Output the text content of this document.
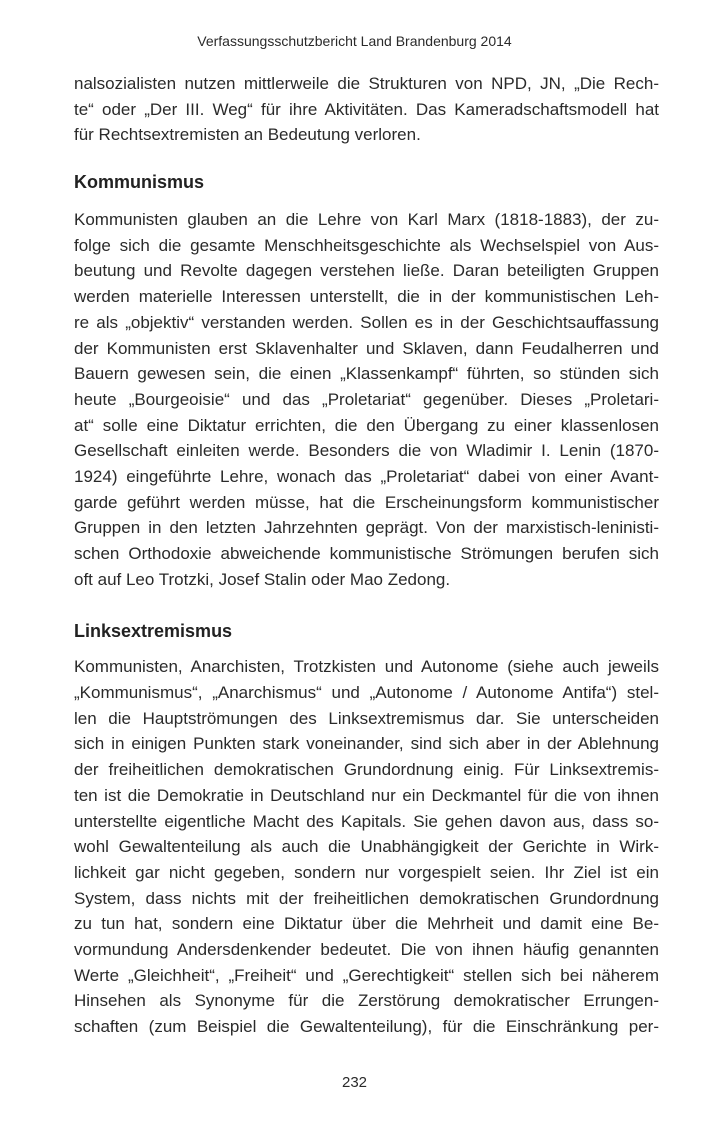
Verfassungsschutzbericht Land Brandenburg 2014
nalsozialisten nutzen mittlerweile die Strukturen von NPD, JN, „Die Rech-
te“ oder „Der III. Weg“ für ihre Aktivitäten. Das Kameradschaftsmodell hat
für Rechtsextremisten an Bedeutung verloren.
Kommunismus
Kommunisten glauben an die Lehre von Karl Marx (1818-1883), der zu-
folge sich die gesamte Menschheitsgeschichte als Wechselspiel von Aus-
beutung und Revolte dagegen verstehen ließe. Daran beteiligten Gruppen
werden materielle Interessen unterstellt, die in der kommunistischen Leh-
re als „objektiv“ verstanden werden. Sollen es in der Geschichtsauffassung
der Kommunisten erst Sklavenhalter und Sklaven, dann Feudalherren und
Bauern gewesen sein, die einen „Klassenkampf“ führten, so stünden sich
heute „Bourgeoisie“ und das „Proletariat“ gegenüber. Dieses „Proletari-
at“ solle eine Diktatur errichten, die den Übergang zu einer klassenlosen
Gesellschaft einleiten werde. Besonders die von Wladimir I. Lenin (1870-
1924) eingeführte Lehre, wonach das „Proletariat“ dabei von einer Avant-
garde geführt werden müsse, hat die Erscheinungsform kommunistischer
Gruppen in den letzten Jahrzehnten geprägt. Von der marxistisch-leninisti-
schen Orthodoxie abweichende kommunistische Strömungen berufen sich
oft auf Leo Trotzki, Josef Stalin oder Mao Zedong.
Linksextremismus
Kommunisten, Anarchisten, Trotzkisten und Autonome (siehe auch jeweils
„Kommunismus“, „Anarchismus“ und „Autonome / Autonome Antifa“) stel-
len die Hauptströmungen des Linksextremismus dar. Sie unterscheiden
sich in einigen Punkten stark voneinander, sind sich aber in der Ablehnung
der freiheitlichen demokratischen Grundordnung einig. Für Linksextremis-
ten ist die Demokratie in Deutschland nur ein Deckmantel für die von ihnen
unterstellte eigentliche Macht des Kapitals. Sie gehen davon aus, dass so-
wohl Gewaltenteilung als auch die Unabhängigkeit der Gerichte in Wirk-
lichkeit gar nicht gegeben, sondern nur vorgespielt seien. Ihr Ziel ist ein
System, dass nichts mit der freiheitlichen demokratischen Grundordnung
zu tun hat, sondern eine Diktatur über die Mehrheit und damit eine Be-
vormundung Andersdenkender bedeutet. Die von ihnen häufig genannten
Werte „Gleichheit“, „Freiheit“ und „Gerechtigkeit“ stellen sich bei näherem
Hinsehen als Synonyme für die Zerstörung demokratischer Errungen-
schaften (zum Beispiel die Gewaltenteilung), für die Einschränkung per-
232
